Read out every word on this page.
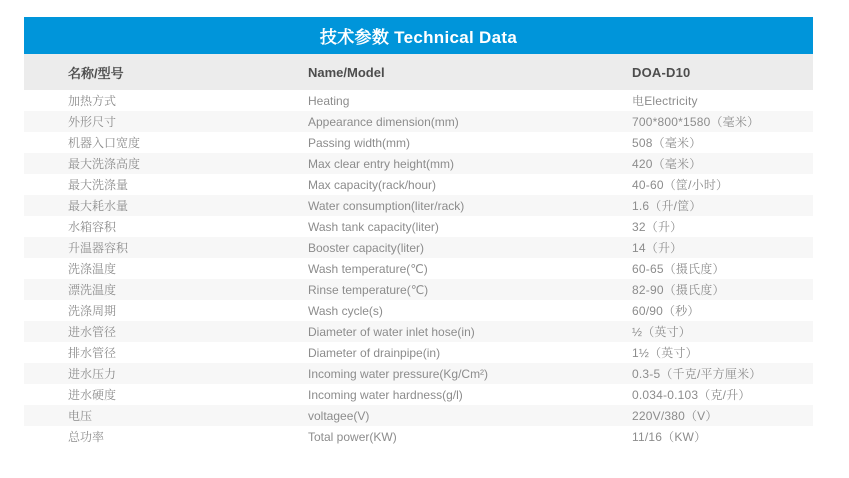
技术参数 Technical Data
名称/型号	Name/Model	DOA-D10
加热方式	Heating	电Electricity
外形尺寸	Appearance dimension(mm)	700*800*1580（毫米）
机器入口宽度	Passing width(mm)	508（毫米）
最大洗涤高度	Max clear entry height(mm)	420（毫米）
最大洗涤量	Max capacity(rack/hour)	40-60（筐/小时）
最大耗水量	Water consumption(liter/rack)	1.6（升/筐）
水箱容积	Wash tank capacity(liter)	32（升）
升温器容积	Booster capacity(liter)	14（升）
洗涤温度	Wash temperature(℃)	60-65（摄氏度）
漂洗温度	Rinse temperature(℃)	82-90（摄氏度）
洗涤周期	Wash cycle(s)	60/90（秒）
进水管径	Diameter of water inlet hose(in)	½（英寸）
排水管径	Diameter of drainpipe(in)	1½（英寸）
进水压力	Incoming water pressure(Kg/Cm²)	0.3-5（千克/平方厘米）
进水硬度	Incoming water hardness(g/l)	0.034-0.103（克/升）
电压	voltagee(V)	220V/380（V）
总功率	Total power(KW)	11/16（KW）
